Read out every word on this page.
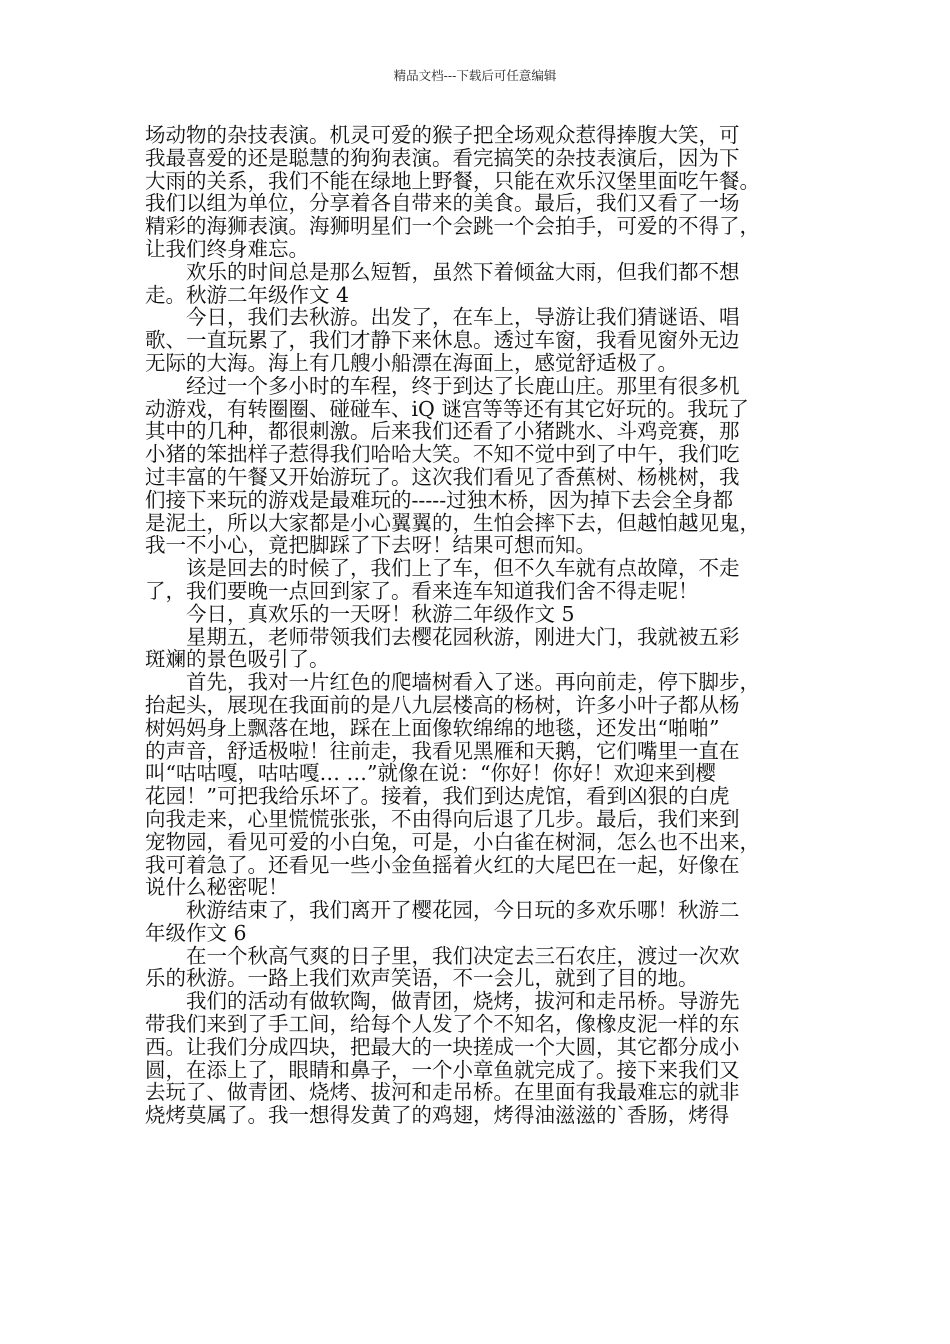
精品文档---下载后可任意编辑
场动物的杂技表演。机灵可爱的猴子把全场观众惹得捧腹大笑，可
我最喜爱的还是聪慧的狗狗表演。看完搞笑的杂技表演后，因为下
大雨的关系，我们不能在绿地上野餐，只能在欢乐汉堡里面吃午餐。
我们以组为单位，分享着各自带来的美食。最后，我们又看了一场
精彩的海狮表演。海狮明星们一个会跳一个会拍手，可爱的不得了，
让我们终身难忘。
欢乐的时间总是那么短暂，虽然下着倾盆大雨，但我们都不想
走。秋游二年级作文 4
今日，我们去秋游。出发了，在车上，导游让我们猜谜语、唱
歌、一直玩累了，我们才静下来休息。透过车窗，我看见窗外无边
无际的大海。海上有几艘小船漂在海面上，感觉舒适极了。
经过一个多小时的车程，终于到达了长鹿山庄。那里有很多机
动游戏，有转圈圈、碰碰车、iQ 谜宫等等还有其它好玩的。我玩了
其中的几种，都很刺激。后来我们还看了小猪跳水、斗鸡竞赛，那
小猪的笨拙样子惹得我们哈哈大笑。不知不觉中到了中午，我们吃
过丰富的午餐又开始游玩了。这次我们看见了香蕉树、杨桃树，我
们接下来玩的游戏是最难玩的-----过独木桥，因为掉下去会全身都
是泥土，所以大家都是小心翼翼的，生怕会摔下去，但越怕越见鬼，
我一不小心，竟把脚踩了下去呀！结果可想而知。
该是回去的时候了，我们上了车，但不久车就有点故障，不走
了，我们要晚一点回到家了。看来连车知道我们舍不得走呢！
今日，真欢乐的一天呀！秋游二年级作文 5
星期五，老师带领我们去樱花园秋游，刚进大门，我就被五彩
斑斓的景色吸引了。
首先，我对一片红色的爬墙树看入了迷。再向前走，停下脚步，
抬起头，展现在我面前的是八九层楼高的杨树，许多小叶子都从杨
树妈妈身上飘落在地，踩在上面像软绵绵的地毯，还发出“啪啪”
的声音，舒适极啦！往前走，我看见黑雁和天鹅，它们嘴里一直在
叫“咕咕嘎，咕咕嘎… …”就像在说：“你好！你好！欢迎来到樱
花园！”可把我给乐坏了。接着，我们到达虎馆，看到凶狠的白虎
向我走来，心里慌慌张张，不由得向后退了几步。最后，我们来到
宠物园，看见可爱的小白兔，可是，小白雀在树洞，怎么也不出来，
我可着急了。还看见一些小金鱼摇着火红的大尾巴在一起，好像在
说什么秘密呢！
秋游结束了，我们离开了樱花园，今日玩的多欢乐哪！秋游二
年级作文 6
在一个秋高气爽的日子里，我们决定去三石农庄，渡过一次欢
乐的秋游。一路上我们欢声笑语，不一会儿，就到了目的地。
我们的活动有做软陶，做青团，烧烤，拔河和走吊桥。导游先
带我们来到了手工间，给每个人发了个不知名，像橡皮泥一样的东
西。让我们分成四块，把最大的一块搓成一个大圆，其它都分成小
圆，在添上了，眼睛和鼻子，一个小章鱼就完成了。接下来我们又
去玩了、做青团、烧烤、拔河和走吊桥。在里面有我最难忘的就非
烧烤莫属了。我一想得发黄了的鸡翅，烤得油滋滋的`香肠，烤得
